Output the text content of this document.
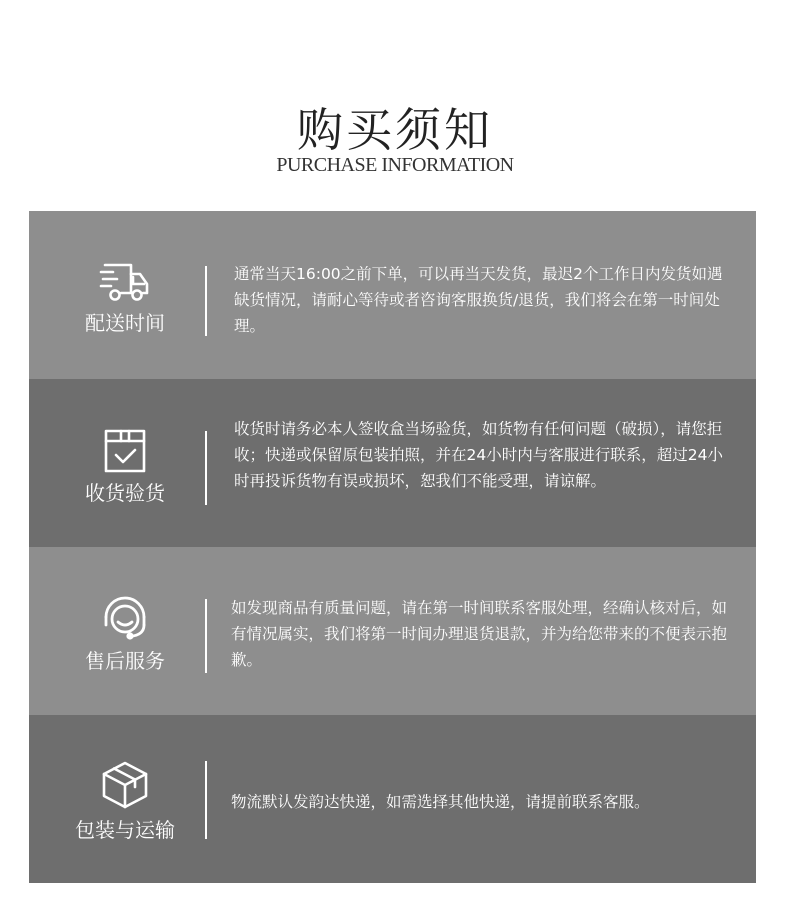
购买须知
PURCHASE INFORMATION
配送时间
通常当天16:00之前下单，可以再当天发货，最迟2个工作日内发货如遇缺货情况，请耐心等待或者咨询客服换货/退货，我们将会在第一时间处理。
收货验货
收货时请务必本人签收盒当场验货，如货物有任何问题（破损），请您拒收；快递或保留原包装拍照，并在24小时内与客服进行联系，超过24小时再投诉货物有误或损坏，恕我们不能受理，请谅解。
售后服务
如发现商品有质量问题，请在第一时间联系客服处理，经确认核对后，如有情况属实，我们将第一时间办理退货退款，并为给您带来的不便表示抱歉。
包装与运输
物流默认发韵达快递，如需选择其他快递，请提前联系客服。
